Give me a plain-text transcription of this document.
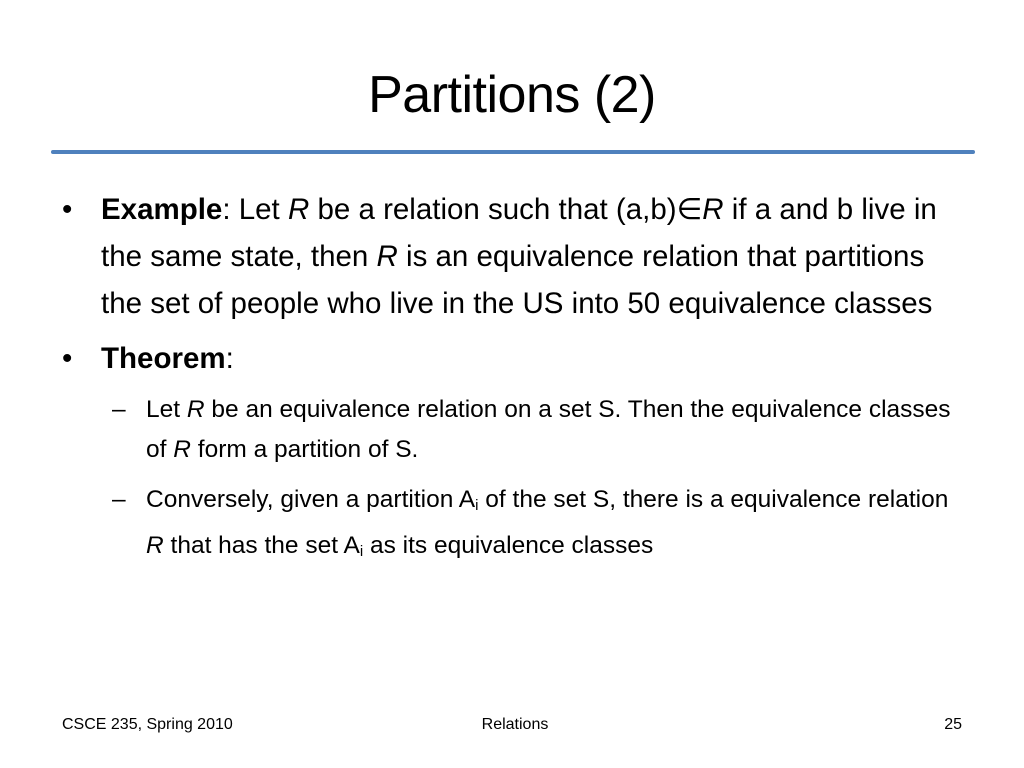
Partitions (2)
• Example: Let R be a relation such that (a,b)∈R if a and b live in the same state, then R is an equivalence relation that partitions the set of people who live in the US into 50 equivalence classes
• Theorem:
– Let R be an equivalence relation on a set S. Then the equivalence classes of R form a partition of S.
– Conversely, given a partition $A_i$ of the set S, there is a equivalence relation R that has the set $A_i$ as its equivalence classes
CSCE 235, Spring 2010	Relations	25
